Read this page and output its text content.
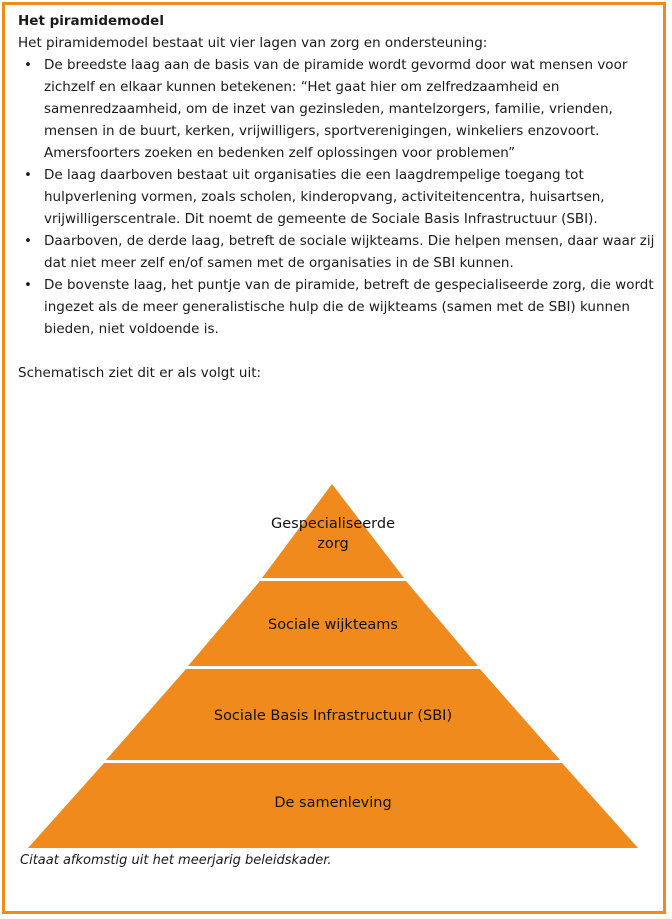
Het piramidemodel
Het piramidemodel bestaat uit vier lagen van zorg en ondersteuning:
• De breedste laag aan de basis van de piramide wordt gevormd door wat mensen voor zichzelf en elkaar kunnen betekenen: “Het gaat hier om zelfredzaamheid en samenredzaamheid, om de inzet van gezinsleden, mantelzorgers, familie, vrienden, mensen in de buurt, kerken, vrijwilligers, sportverenigingen, winkeliers enzovoort. Amersfoorters zoeken en bedenken zelf oplossingen voor problemen”
• De laag daarboven bestaat uit organisaties die een laagdrempelige toegang tot hulpverlening vormen, zoals scholen, kinderopvang, activiteitencentra, huisartsen, vrijwilligerscentrale. Dit noemt de gemeente de Sociale Basis Infrastructuur (SBI).
• Daarboven, de derde laag, betreft de sociale wijkteams. Die helpen mensen, daar waar zij dat niet meer zelf en/of samen met de organisaties in de SBI kunnen.
• De bovenste laag, het puntje van de piramide, betreft de gespecialiseerde zorg, die wordt ingezet als de meer generalistische hulp die de wijkteams (samen met de SBI) kunnen bieden, niet voldoende is.
Schematisch ziet dit er als volgt uit:
Gespecialiseerde
zorg
Sociale wijkteams
Sociale Basis Infrastructuur (SBI)
De samenleving
Citaat afkomstig uit het meerjarig beleidskader.
